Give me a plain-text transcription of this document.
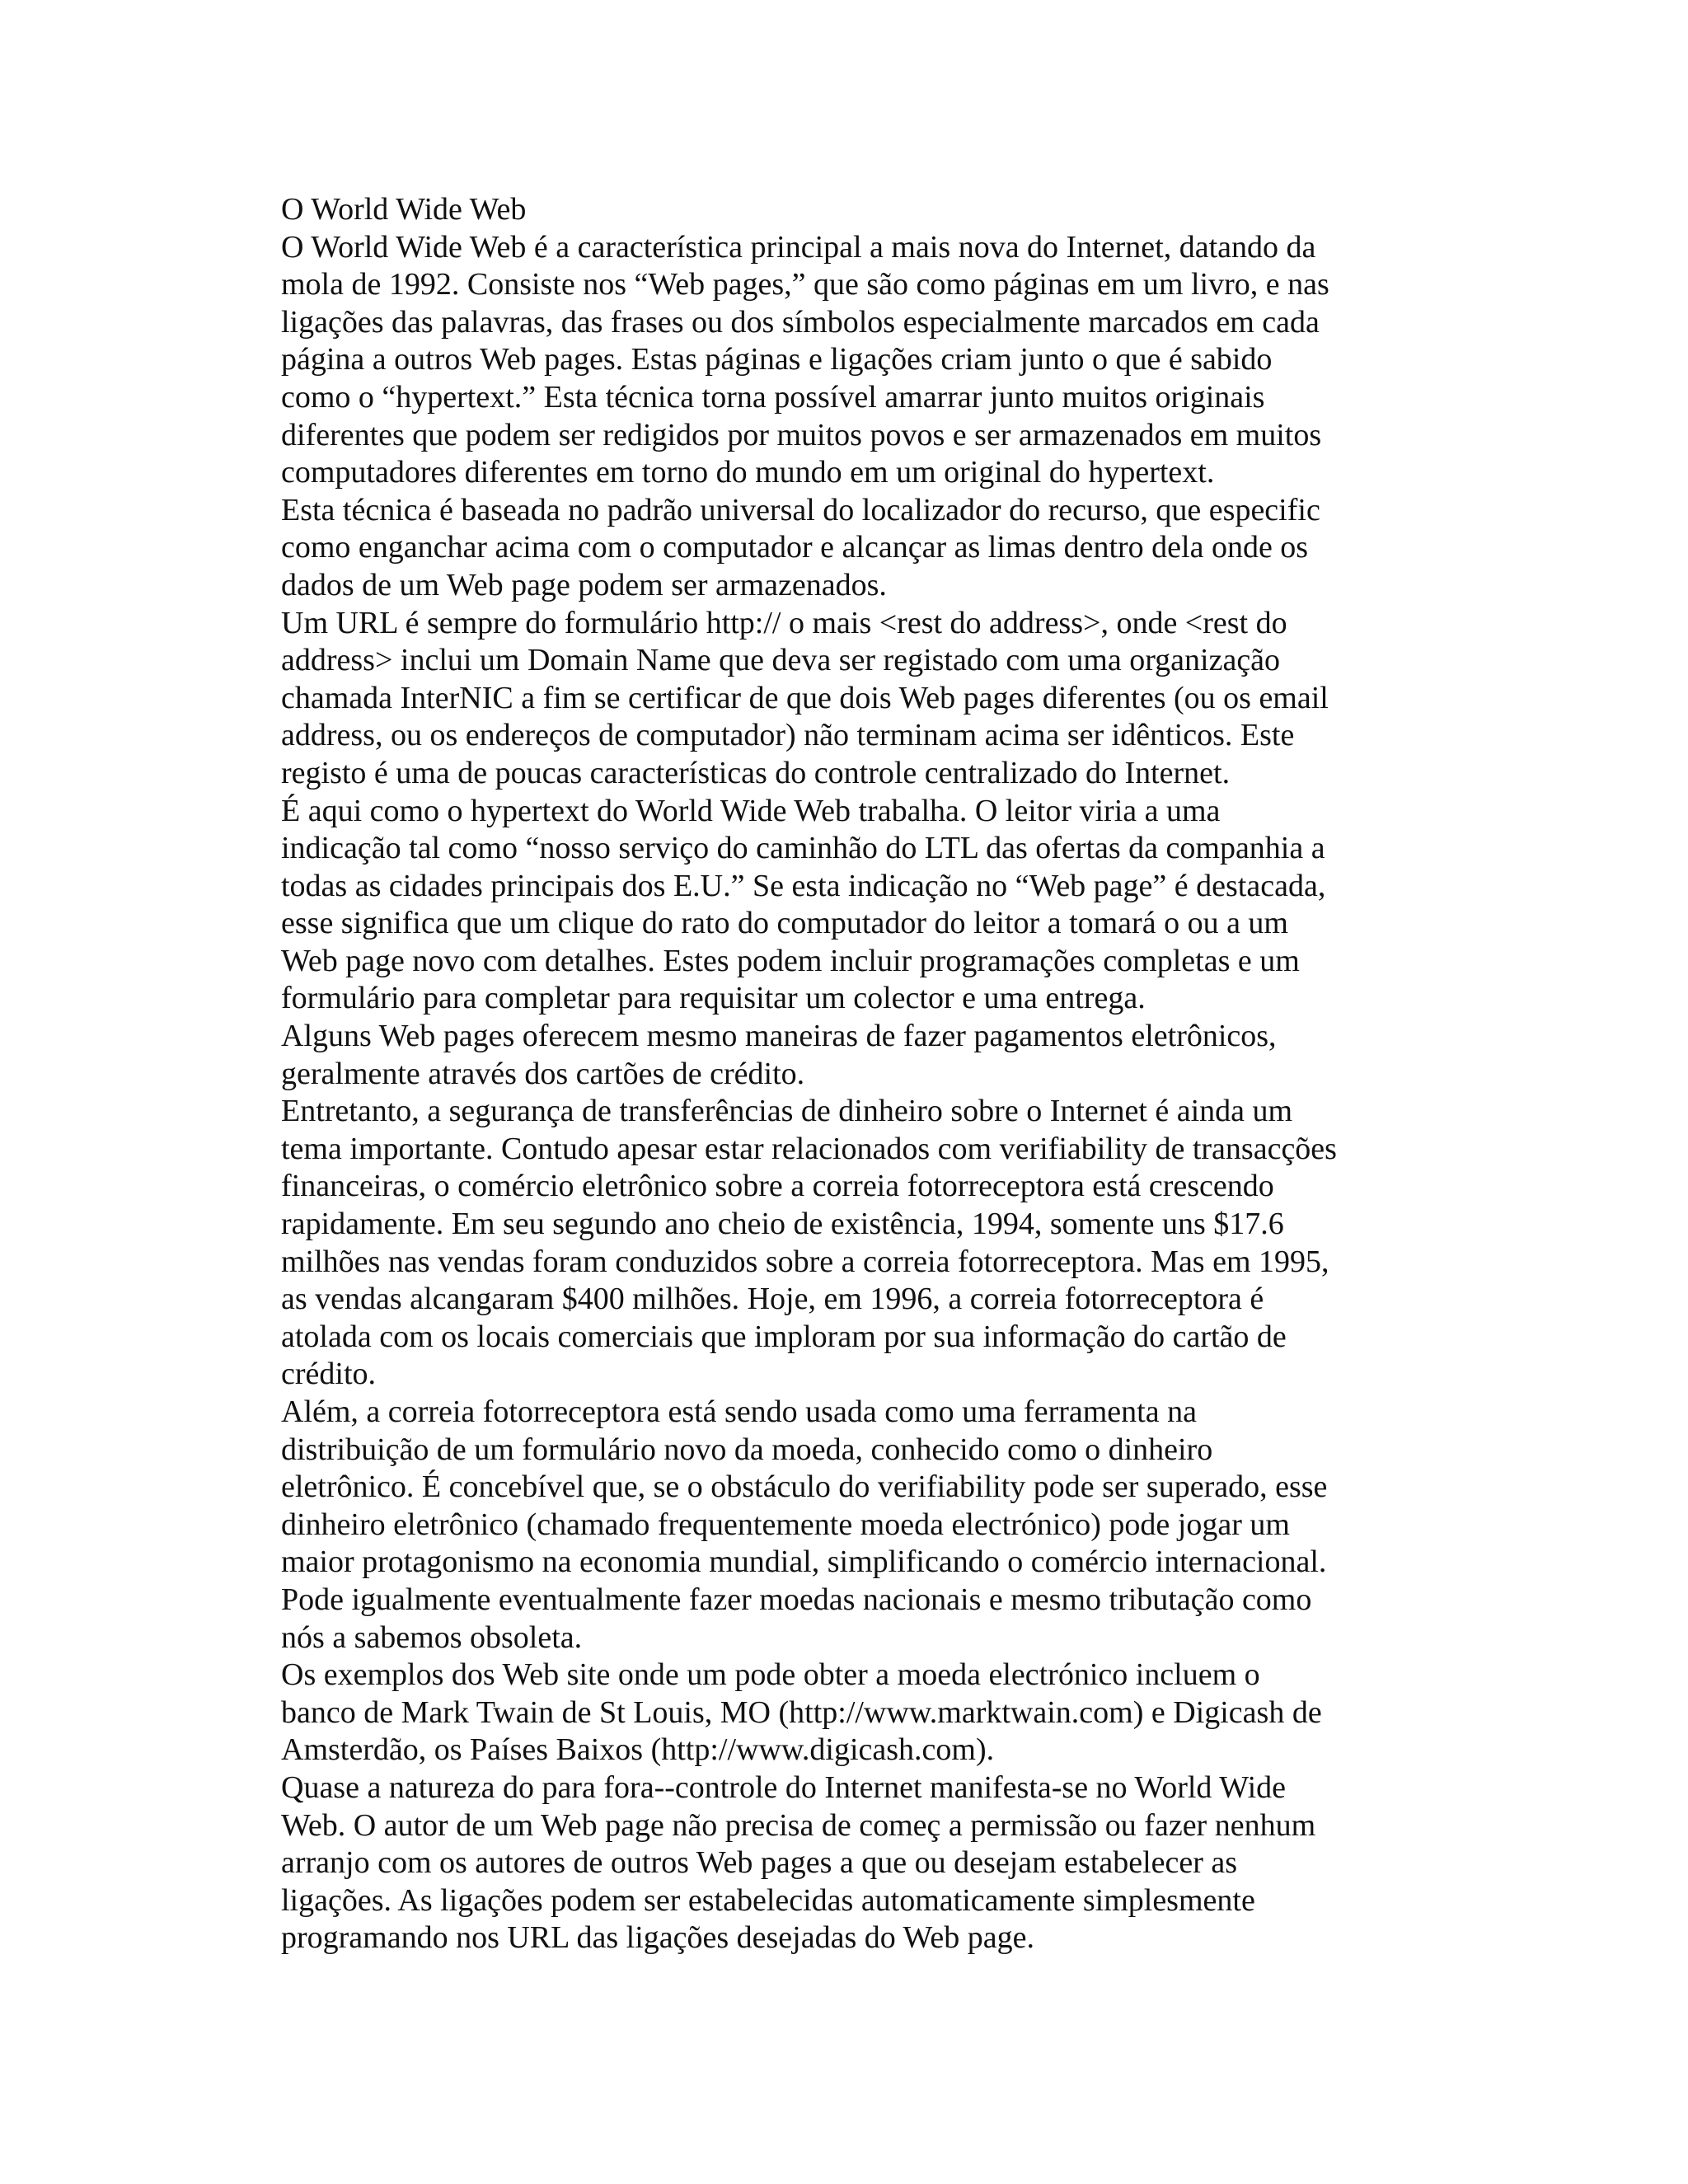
O World Wide Web
O World Wide Web é a característica principal a mais nova do Internet, datando da
mola de 1992. Consiste nos “Web pages,” que são como páginas em um livro, e nas
ligações das palavras, das frases ou dos símbolos especialmente marcados em cada
página a outros Web pages. Estas páginas e ligações criam junto o que é sabido
como o “hypertext.” Esta técnica torna possível amarrar junto muitos originais
diferentes que podem ser redigidos por muitos povos e ser armazenados em muitos
computadores diferentes em torno do mundo em um original do hypertext.
Esta técnica é baseada no padrão universal do localizador do recurso, que especific
como enganchar acima com o computador e alcançar as limas dentro dela onde os
dados de um Web page podem ser armazenados.
Um URL é sempre do formulário http:// o mais <rest do address>, onde <rest do
address> inclui um Domain Name que deva ser registado com uma organização
chamada InterNIC a fim se certificar de que dois Web pages diferentes (ou os email
address, ou os endereços de computador) não terminam acima ser idênticos. Este
registo é uma de poucas características do controle centralizado do Internet.
É aqui como o hypertext do World Wide Web trabalha. O leitor viria a uma
indicação tal como “nosso serviço do caminhão do LTL das ofertas da companhia a
todas as cidades principais dos E.U.” Se esta indicação no “Web page” é destacada,
esse significa que um clique do rato do computador do leitor a tomará o ou a um
Web page novo com detalhes. Estes podem incluir programações completas e um
formulário para completar para requisitar um colector e uma entrega.
Alguns Web pages oferecem mesmo maneiras de fazer pagamentos eletrônicos,
geralmente através dos cartões de crédito.
Entretanto, a segurança de transferências de dinheiro sobre o Internet é ainda um
tema importante. Contudo apesar estar relacionados com verifiability de transacções
financeiras, o comércio eletrônico sobre a correia fotorreceptora está crescendo
rapidamente. Em seu segundo ano cheio de existência, 1994, somente uns $17.6
milhões nas vendas foram conduzidos sobre a correia fotorreceptora. Mas em 1995,
as vendas alcangaram $400 milhões. Hoje, em 1996, a correia fotorreceptora é
atolada com os locais comerciais que imploram por sua informação do cartão de
crédito.
Além, a correia fotorreceptora está sendo usada como uma ferramenta na
distribuição de um formulário novo da moeda, conhecido como o dinheiro
eletrônico. É concebível que, se o obstáculo do verifiability pode ser superado, esse
dinheiro eletrônico (chamado frequentemente moeda electrónico) pode jogar um
maior protagonismo na economia mundial, simplificando o comércio internacional.
Pode igualmente eventualmente fazer moedas nacionais e mesmo tributação como
nós a sabemos obsoleta.
Os exemplos dos Web site onde um pode obter a moeda electrónico incluem o
banco de Mark Twain de St Louis, MO (http://www.marktwain.com) e Digicash de
Amsterdão, os Países Baixos (http://www.digicash.com).
Quase a natureza do para fora--controle do Internet manifesta-se no World Wide
Web. O autor de um Web page não precisa de começ a permissão ou fazer nenhum
arranjo com os autores de outros Web pages a que ou desejam estabelecer as
ligações. As ligações podem ser estabelecidas automaticamente simplesmente
programando nos URL das ligações desejadas do Web page.
